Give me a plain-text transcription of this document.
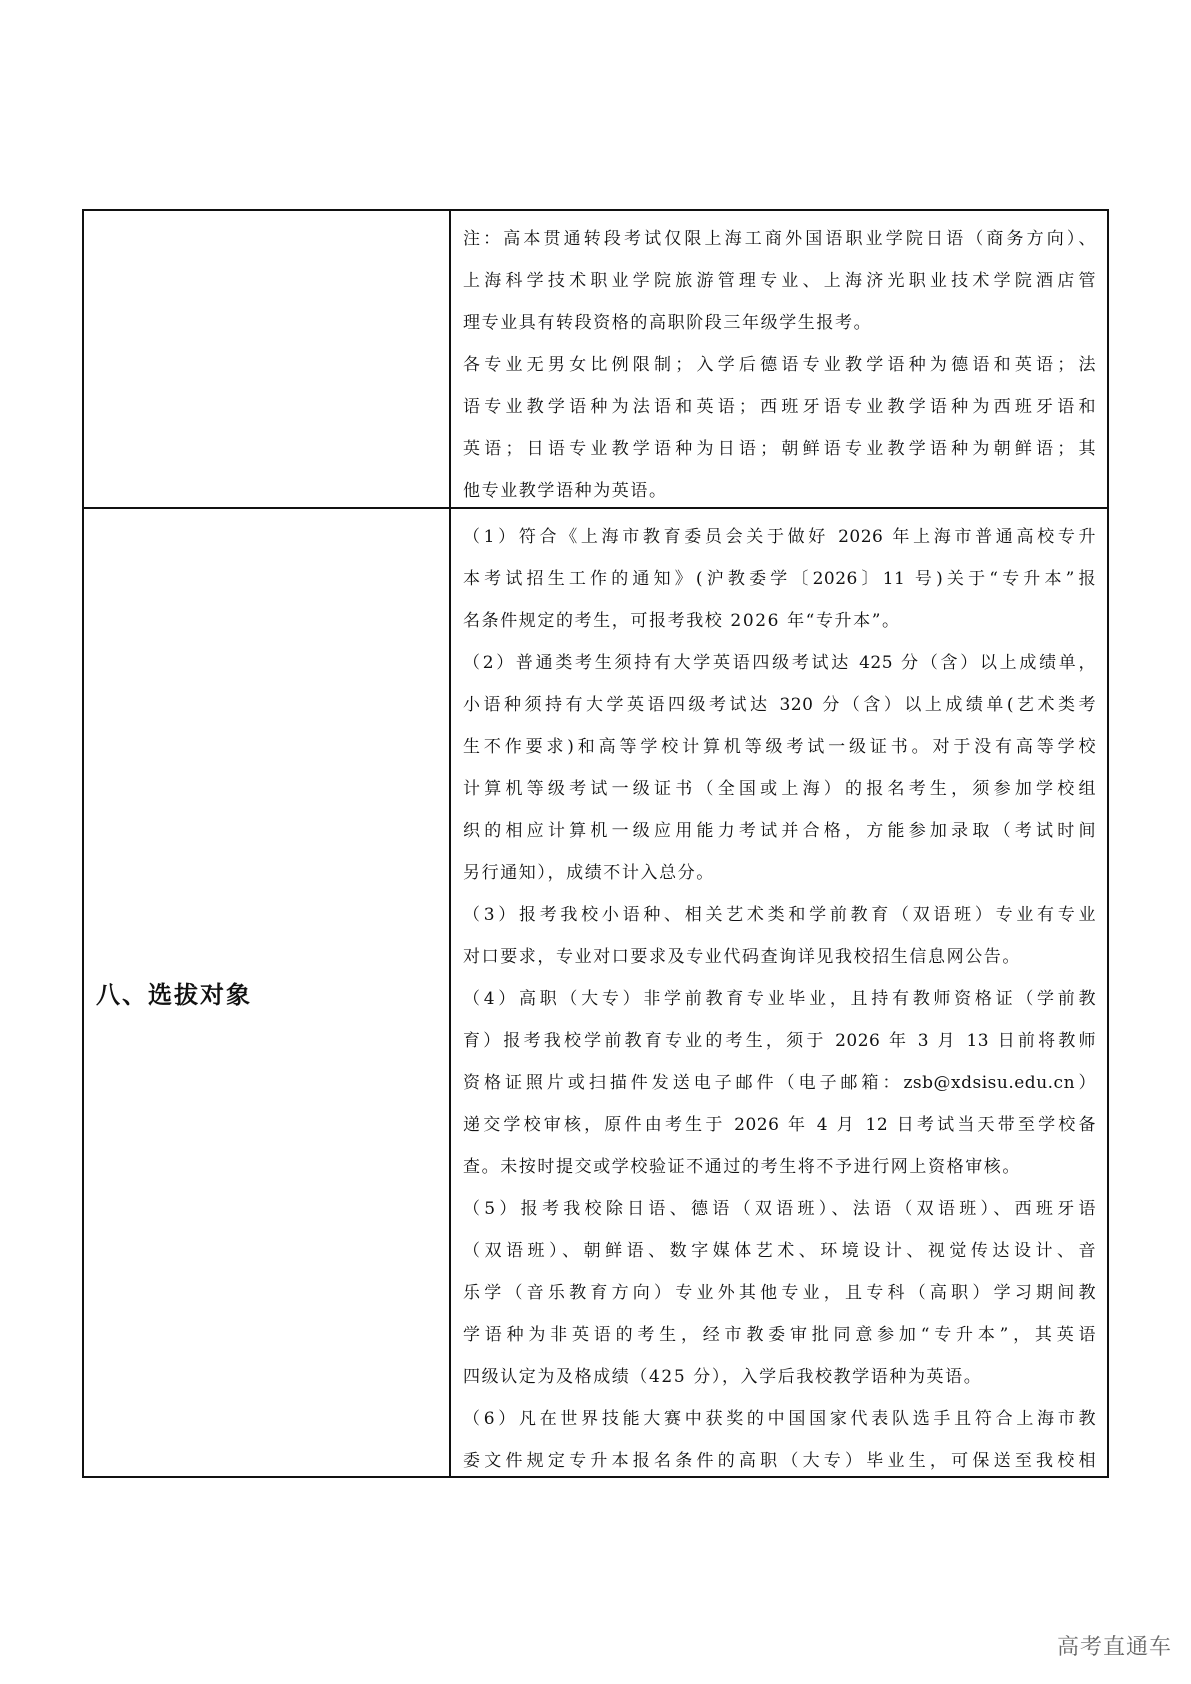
注：高本贯通转段考试仅限上海工商外国语职业学院日语（商务方向）、
上海科学技术职业学院旅游管理专业、上海济光职业技术学院酒店管
理专业具有转段资格的高职阶段三年级学生报考。
各专业无男女比例限制；入学后德语专业教学语种为德语和英语；法
语专业教学语种为法语和英语；西班牙语专业教学语种为西班牙语和
英语；日语专业教学语种为日语；朝鲜语专业教学语种为朝鲜语；其
他专业教学语种为英语。
八、选拔对象
（1）符合《上海市教育委员会关于做好 2026 年上海市普通高校专升
本考试招生工作的通知》(沪教委学〔2026〕11 号)关于“专升本”报
名条件规定的考生，可报考我校 2026 年“专升本”。
（2）普通类考生须持有大学英语四级考试达 425 分（含）以上成绩单，
小语种须持有大学英语四级考试达 320 分（含）以上成绩单(艺术类考
生不作要求)和高等学校计算机等级考试一级证书。对于没有高等学校
计算机等级考试一级证书（全国或上海）的报名考生，须参加学校组
织的相应计算机一级应用能力考试并合格，方能参加录取（考试时间
另行通知），成绩不计入总分。
（3）报考我校小语种、相关艺术类和学前教育（双语班）专业有专业
对口要求，专业对口要求及专业代码查询详见我校招生信息网公告。
（4）高职（大专）非学前教育专业毕业，且持有教师资格证（学前教
育）报考我校学前教育专业的考生，须于 2026 年 3 月 13 日前将教师
资格证照片或扫描件发送电子邮件（电子邮箱：zsb@xdsisu.edu.cn）
递交学校审核，原件由考生于 2026 年 4 月 12 日考试当天带至学校备
查。未按时提交或学校验证不通过的考生将不予进行网上资格审核。
（5）报考我校除日语、德语（双语班）、法语（双语班）、西班牙语
（双语班）、朝鲜语、数字媒体艺术、环境设计、视觉传达设计、音
乐学（音乐教育方向）专业外其他专业，且专科（高职）学习期间教
学语种为非英语的考生，经市教委审批同意参加“专升本”，其英语
四级认定为及格成绩（425 分），入学后我校教学语种为英语。
（6）凡在世界技能大赛中获奖的中国国家代表队选手且符合上海市教
委文件规定专升本报名条件的高职（大专）毕业生，可保送至我校相
高考直通车
